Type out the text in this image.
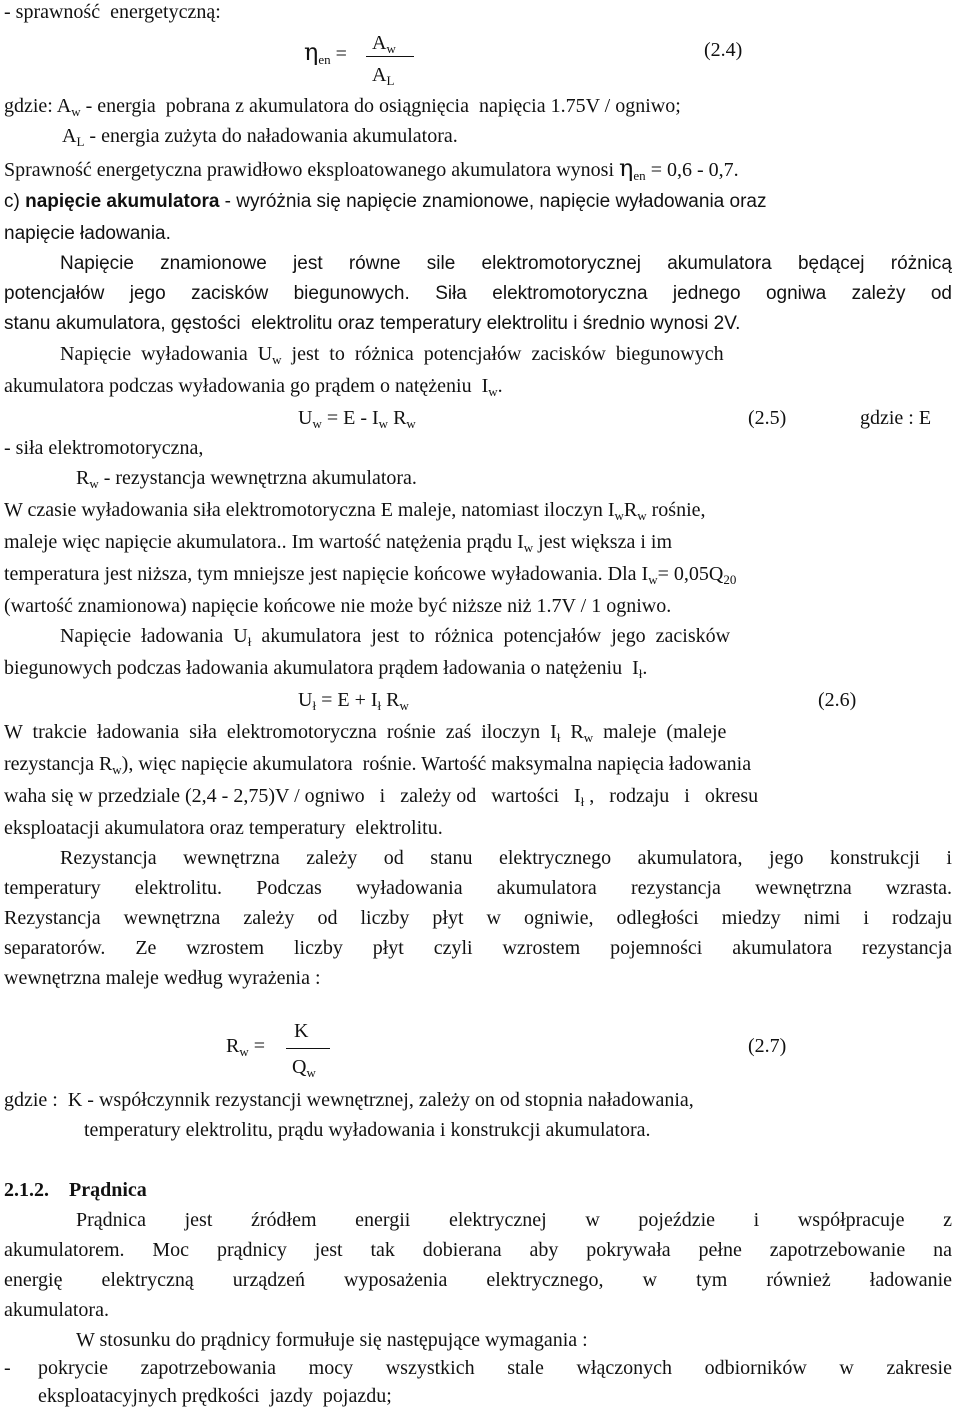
- sprawność  energetyczną:
$\eta_{en} = A_w$
$A_L$
(2.4)
gdzie: $A_w$ - energia  pobrana z akumulatora do osiągnięcia  napięcia 1.75V / ogniwo;
$A_L$ - energia zużyta do naładowania akumulatora.
Sprawność energetyczna prawidłowo eksploatowanego akumulatora wynosi $\eta_{en} = 0,6 - 0,7$.
c) napięcie akumulatora - wyróżnia się napięcie znamionowe, napięcie wyładowania oraz
napięcie ładowania.
Napięcie znamionowe jest równe sile elektromotorycznej akumulatora będącej różnicą
potencjałów jego zacisków biegunowych. Siła elektromotoryczna jednego ogniwa zależy od
stanu akumulatora, gęstości  elektrolitu oraz temperatury elektrolitu i średnio wynosi 2V.
Napięcie  wyładowania  $U_w$  jest  to  różnica  potencjałów  zacisków  biegunowych
akumulatora podczas wyładowania go prądem o natężeniu  $I_w$.
$U_w = E - I_w$ $R_w$	(2.5)	gdzie : E
- siła elektromotoryczna,
$R_w$ - rezystancja wewnętrzna akumulatora.
W czasie wyładowania siła elektromotoryczna E maleje, natomiast iloczyn $I_wR_w$ rośnie,
maleje więc napięcie akumulatora.. Im wartość natężenia prądu $I_w$ jest większa i im
temperatura jest niższa, tym mniejsze jest napięcie końcowe wyładowania. Dla $I_w= 0,05Q_{20}$
(wartość znamionowa) napięcie końcowe nie może być niższe niż 1.7V / 1 ogniwo.
Napięcie  ładowania  $U_ł$  akumulatora  jest  to  różnica  potencjałów  jego  zacisków
biegunowych podczas ładowania akumulatora prądem ładowania o natężeniu  $I_ł$.
$U_ł = E + I_ł$ $R_w$	(2.6)
W  trakcie  ładowania  siła  elektromotoryczna  rośnie  zaś  iloczyn  $I_ł$  $R_w$  maleje  (maleje
rezystancja $R_w$), więc napięcie akumulatora  rośnie. Wartość maksymalna napięcia ładowania
waha się w przedziale (2,4 - 2,75)V / ogniwo   i   zależy od   wartości   $I_ł$ ,   rodzaju   i   okresu
eksploatacji akumulatora oraz temperatury  elektrolitu.
Rezystancja wewnętrzna zależy od stanu elektrycznego akumulatora, jego konstrukcji i
temperatury elektrolitu. Podczas wyładowania akumulatora rezystancja wewnętrzna wzrasta.
Rezystancja wewnętrzna zależy od liczby płyt w ogniwie, odległości miedzy nimi i rodzaju
separatorów. Ze wzrostem liczby płyt czyli wzrostem pojemności akumulatora rezystancja
wewnętrzna maleje według wyrażenia :
$R_w$ =
K
$Q_w$
(2.7)
gdzie :  K - współczynnik rezystancji wewnętrznej, zależy on od stopnia naładowania,
temperatury elektrolitu, prądu wyładowania i konstrukcji akumulatora.
2.1.2. Prądnica
Prądnica jest źródłem energii elektrycznej w pojeździe i współpracuje z
akumulatorem. Moc prądnicy jest tak dobierana aby pokrywała pełne zapotrzebowanie na
energię elektryczną urządzeń wyposażenia elektrycznego, w tym również ładowanie
akumulatora.
W stosunku do prądnicy formułuje się następujące wymagania :
- pokrycie zapotrzebowania mocy wszystkich stale włączonych odbiorników w zakresie
eksploatacyjnych prędkości  jazdy  pojazdu;
